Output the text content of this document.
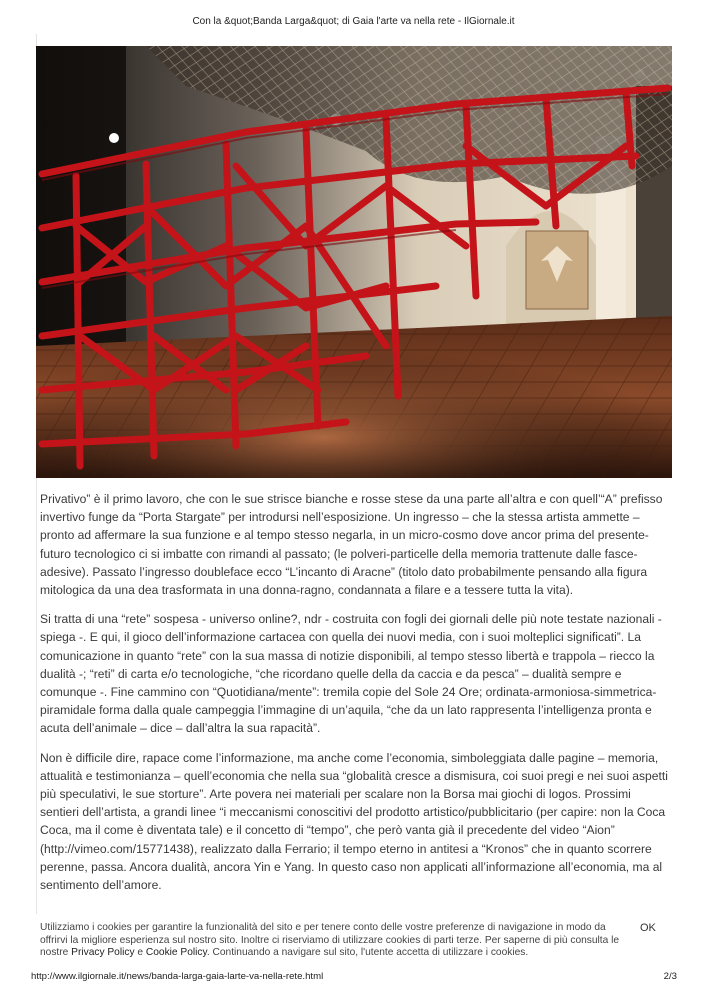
Con la &quot;Banda Larga&quot; di Gaia l'arte va nella rete - IlGiornale.it

Privativo” è il primo lavoro, che con le sue strisce bianche e rosse stese da una parte all’altra e con quell’“A” prefisso invertivo funge da “Porta Stargate” per introdursi nell’esposizione. Un ingresso – che la stessa artista ammette – pronto ad affermare la sua funzione e al tempo stesso negarla, in un micro-cosmo dove ancor prima del presente-futuro tecnologico ci si imbatte con rimandi al passato; (le polveri-particelle della memoria trattenute dalle fasce-adesive). Passato l’ingresso doubleface ecco “L’incanto di Aracne” (titolo dato probabilmente pensando alla figura mitologica da una dea trasformata in una donna-ragno, condannata a filare e a tessere tutta la vita).

Si tratta di una “rete” sospesa - universo online?, ndr - costruita con fogli dei giornali delle più note testate nazionali - spiega -. E qui, il gioco dell’informazione cartacea con quella dei nuovi media, con i suoi molteplici significati”. La comunicazione in quanto “rete” con la sua massa di notizie disponibili, al tempo stesso libertà e trappola – riecco la dualità -; “reti” di carta e/o tecnologiche, “che ricordano quelle della da caccia e da pesca” – dualità sempre e comunque -. Fine cammino con “Quotidiana/mente”: tremila copie del Sole 24 Ore; ordinata-armoniosa-simmetrica-piramidale forma dalla quale campeggia l’immagine di un’aquila, “che da un lato rappresenta l’intelligenza pronta e acuta dell’animale – dice – dall’altra la sua rapacità”.

Non è difficile dire, rapace come l’informazione, ma anche come l’economia, simboleggiata dalle pagine – memoria, attualità e testimonianza – quell’economia che nella sua “globalità cresce a dismisura, coi suoi pregi e nei suoi aspetti più speculativi, le sue storture”. Arte povera nei materiali per scalare non la Borsa mai giochi di logos. Prossimi sentieri dell’artista, a grandi linee “i meccanismi conoscitivi del prodotto artistico/pubblicitario (per capire: non la Coca Coca, ma il come è diventata tale) e il concetto di “tempo”, che però vanta già il precedente del video “Aion” (http://vimeo.com/15771438), realizzato dalla Ferrario; il tempo eterno in antitesi a “Kronos” che in quanto scorrere perenne, passa. Ancora dualità, ancora Yin e Yang. In questo caso non applicati all’informazione all’economia, ma al sentimento dell’amore.

Utilizziamo i cookies per garantire la funzionalità del sito e per tenere conto delle vostre preferenze di navigazione in modo da offrirvi la migliore esperienza sul nostro sito. Inoltre ci riserviamo di utilizzare cookies di parti terze. Per saperne di più consulta le nostre Privacy Policy e Cookie Policy. Continuando a navigare sul sito, l'utente accetta di utilizzare i cookies.
OK
http://www.ilgiornale.it/news/banda-larga-gaia-larte-va-nella-rete.html	2/3
